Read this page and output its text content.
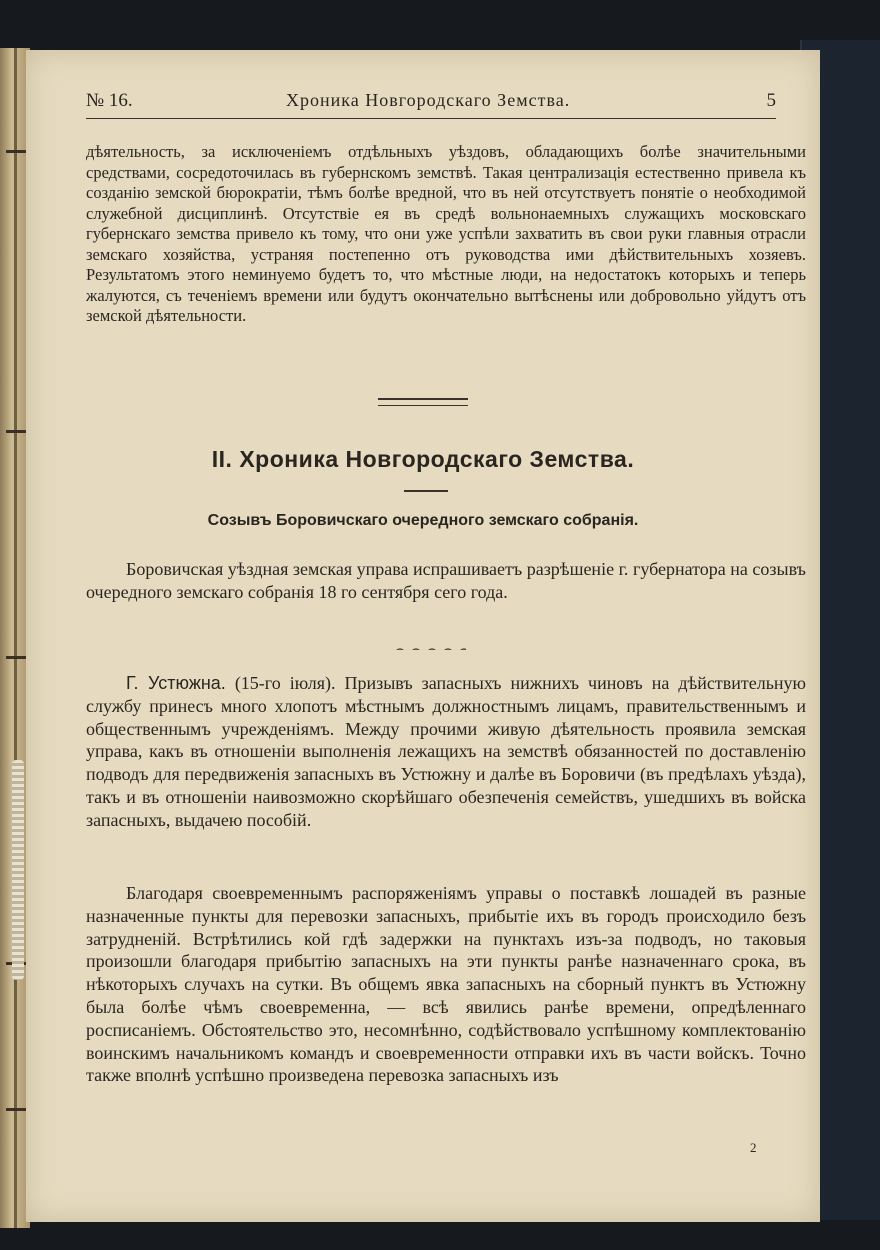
№ 16.	Хроника Новгородскаго Земства.	5

дѣятельность, за исключенiемъ отдѣльныхъ уѣздовъ, обладающихъ болѣе значительными средствами, сосредоточилась въ губернскомъ земствѣ. Такая централизацiя естественно привела къ созданiю земской бюрократiи, тѣмъ болѣе вредной, что въ ней отсутствуетъ понятiе о необходимой служебной дисциплинѣ. Отсутствiе ея въ средѣ вольнонаемныхъ служащихъ московскаго губернскаго земства привело къ тому, что они уже успѣли захватить въ свои руки главныя отрасли земскаго хозяйства, устраняя постепенно отъ руководства ими дѣйствительныхъ хозяевъ. Результатомъ этого неминуемо будетъ то, что мѣстные люди, на недостатокъ которыхъ и теперь жалуются, съ теченiемъ времени или будутъ окончательно вытѣснены или добровольно уйдутъ отъ земской дѣятельности.

II. Хроника Новгородскаго Земства.
Созывъ Боровичскаго очередного земскаго собранiя.

Боровичская уѣздная земская управа испрашиваетъ разрѣшенiе г. губернатора на созывъ очередного земскаго собранiя 18 го сентября сего года.

Г. Устюжна. (15-го iюля). Призывъ запасныхъ нижнихъ чиновъ на дѣйствительную службу принесъ много хлопотъ мѣстнымъ должностнымъ лицамъ, правительственнымъ и общественнымъ учрежденiямъ. Между прочими живую дѣятельность проявила земская управа, какъ въ отношенiи выполненiя лежащихъ на земствѣ обязанностей по доставленiю подводъ для передвиженiя запасныхъ въ Устюжну и далѣе въ Боровичи (въ предѣлахъ уѣзда), такъ и въ отношенiи наивозможно скорѣйшаго обезпеченiя семействъ, ушедшихъ въ войска запасныхъ, выдачею пособiй.

Благодаря своевременнымъ распоряженiямъ управы о поставкѣ лошадей въ разные назначенные пункты для перевозки запасныхъ, прибытiе ихъ въ городъ происходило безъ затрудненiй. Встрѣтились кой гдѣ задержки на пунктахъ изъ-за подводъ, но таковыя произошли благодаря прибытiю запасныхъ на эти пункты ранѣе назначеннаго срока, въ нѣкоторыхъ случахъ на сутки. Въ общемъ явка запасныхъ на сборный пунктъ въ Устюжну была болѣе чѣмъ своевременна, — всѣ явились ранѣе времени, опредѣленнаго росписанiемъ. Обстоятельство это, несомнѣнно, содѣйствовало успѣшному комплектованiю воинскимъ начальникомъ командъ и своевременности отправки ихъ въ части войскъ. Точно также вполнѣ успѣшно произведена перевозка запасныхъ изъ

2
